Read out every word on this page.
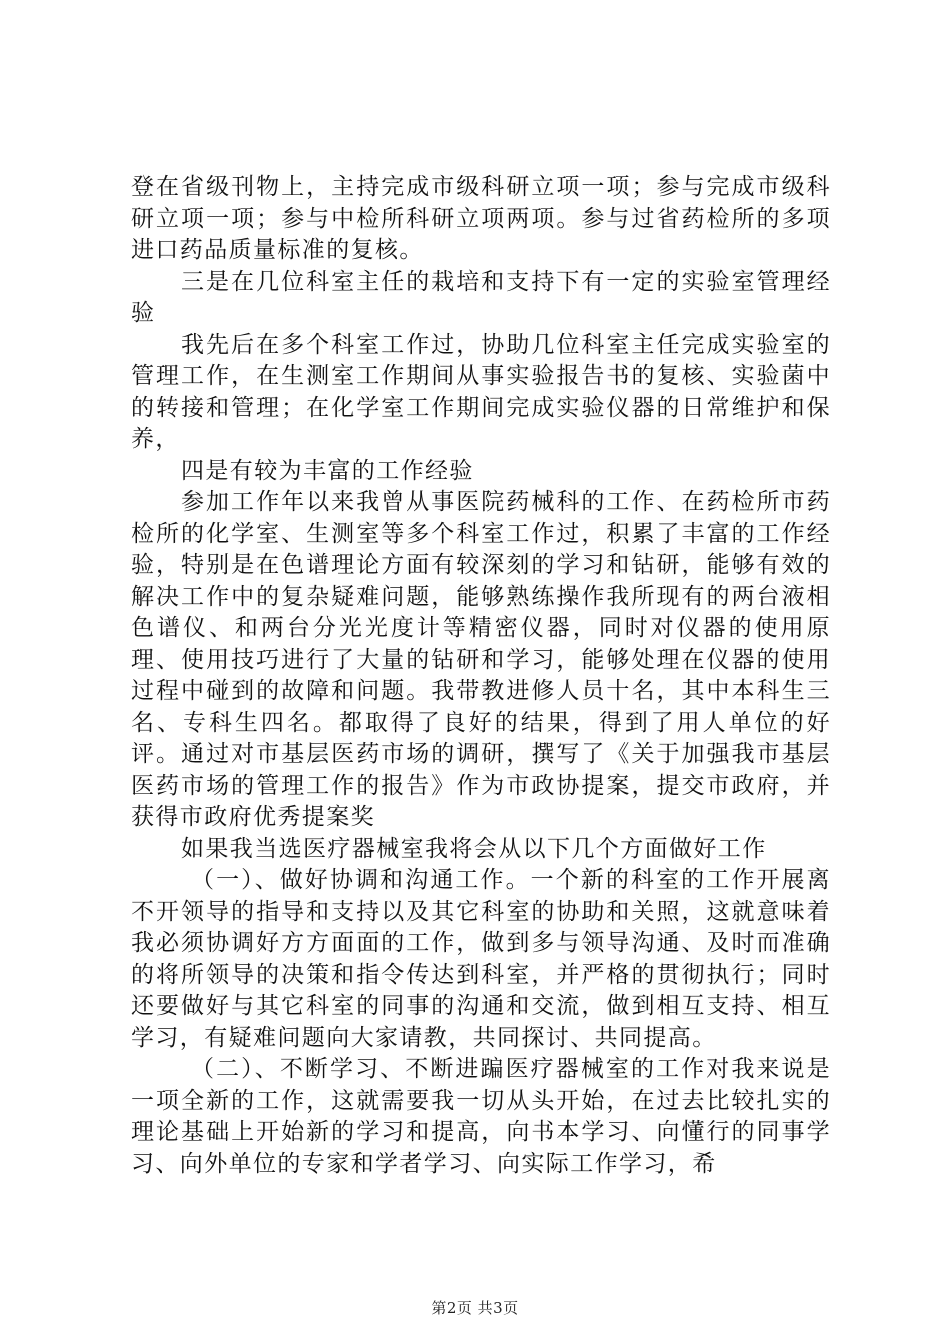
登在省级刊物上，主持完成市级科研立项一项；参与完成市级科研立项一项；参与中检所科研立项两项。参与过省药检所的多项进口药品质量标准的复核。

三是在几位科室主任的栽培和支持下有一定的实验室管理经验

我先后在多个科室工作过，协助几位科室主任完成实验室的管理工作，在生测室工作期间从事实验报告书的复核、实验菌中的转接和管理；在化学室工作期间完成实验仪器的日常维护和保养，

四是有较为丰富的工作经验

参加工作年以来我曾从事医院药械科的工作、在药检所市药检所的化学室、生测室等多个科室工作过，积累了丰富的工作经验，特别是在色谱理论方面有较深刻的学习和钻研，能够有效的解决工作中的复杂疑难问题，能够熟练操作我所现有的两台液相色谱仪、和两台分光光度计等精密仪器，同时对仪器的使用原理、使用技巧进行了大量的钻研和学习，能够处理在仪器的使用过程中碰到的故障和问题。我带教进修人员十名，其中本科生三名、专科生四名。都取得了良好的结果，得到了用人单位的好评。通过对市基层医药市场的调研，撰写了《关于加强我市基层医药市场的管理工作的报告》作为市政协提案，提交市政府，并获得市政府优秀提案奖

如果我当选医疗器械室我将会从以下几个方面做好工作

（一）、做好协调和沟通工作。一个新的科室的工作开展离不开领导的指导和支持以及其它科室的协助和关照，这就意味着我必须协调好方方面面的工作，做到多与领导沟通、及时而准确的将所领导的决策和指令传达到科室，并严格的贯彻执行；同时还要做好与其它科室的同事的沟通和交流，做到相互支持、相互学习，有疑难问题向大家请教，共同探讨、共同提高。

（二）、不断学习、不断进蹁医疗器械室的工作对我来说是一项全新的工作，这就需要我一切从头开始，在过去比较扎实的理论基础上开始新的学习和提高，向书本学习、向懂行的同事学习、向外单位的专家和学者学习、向实际工作学习，希

第2页 共3页
